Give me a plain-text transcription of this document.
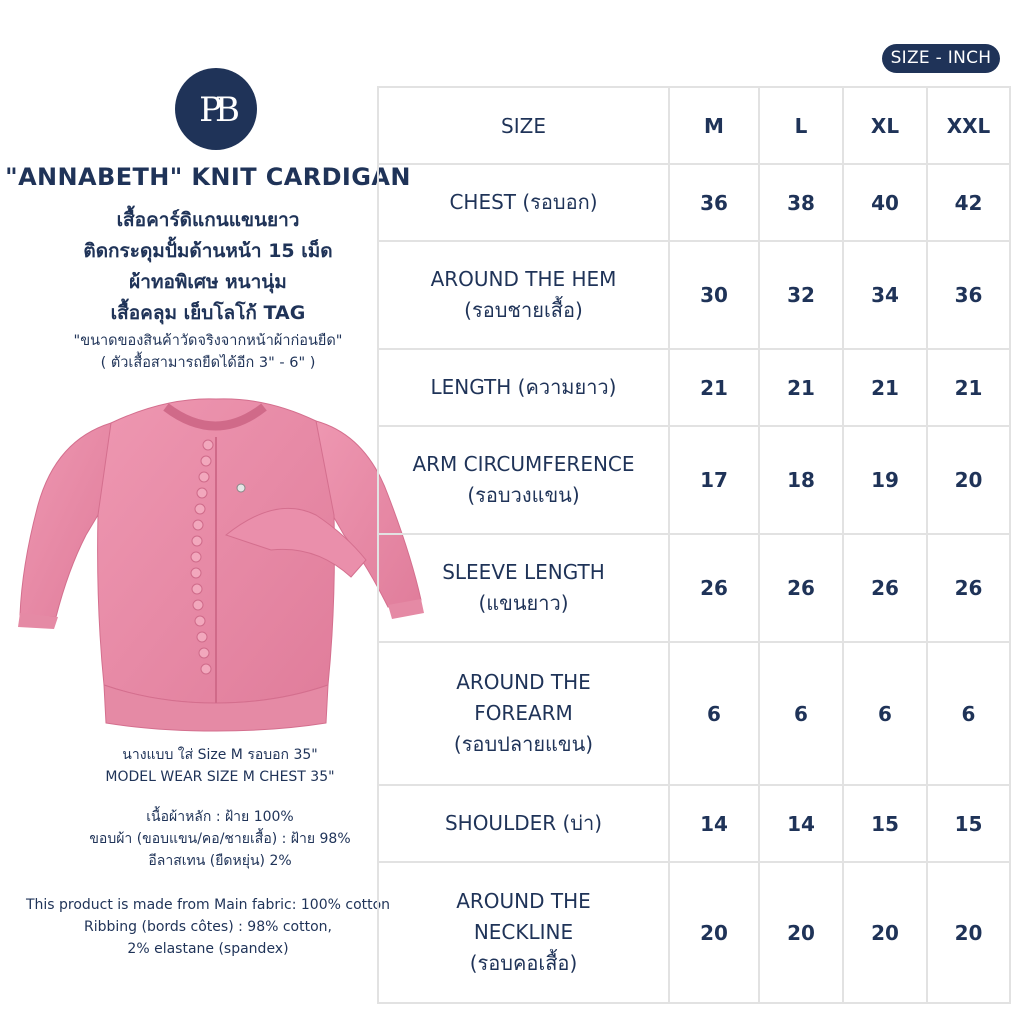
SIZE - INCH
PB
"ANNABETH" KNIT CARDIGAN
เสื้อคาร์ดิแกนแขนยาว
ติดกระดุมปั้มด้านหน้า 15 เม็ด
ผ้าทอพิเศษ หนานุ่ม
เสื้อคลุม เย็บโลโก้ TAG
"ขนาดของสินค้าวัดจริงจากหน้าผ้าก่อนยืด"
( ตัวเสื้อสามารถยืดได้อีก 3" - 6" )
นางแบบ ใส่ Size M รอบอก 35"
MODEL WEAR SIZE M CHEST 35"
เนื้อผ้าหลัก : ฝ้าย 100%
ขอบผ้า (ขอบแขน/คอ/ชายเสื้อ) : ฝ้าย 98%
อีลาสเทน (ยืดหยุ่น) 2%
This product is made from Main fabric: 100% cotton
Ribbing (bords côtes) : 98% cotton,
2% elastane (spandex)
SIZE	M	L	XL	XXL

CHEST (รอบอก)	36	38	40	42

AROUND THE HEM
(รอบชายเสื้อ)	30	32	34	36

LENGTH (ความยาว)	21	21	21	21

ARM CIRCUMFERENCE
(รอบวงแขน)	17	18	19	20

SLEEVE LENGTH
(แขนยาว)	26	26	26	26

AROUND THE
FOREARM
(รอบปลายแขน)	6	6	6	6

SHOULDER (บ่า)	14	14	15	15

AROUND THE
NECKLINE
(รอบคอเสื้อ)	20	20	20	20
